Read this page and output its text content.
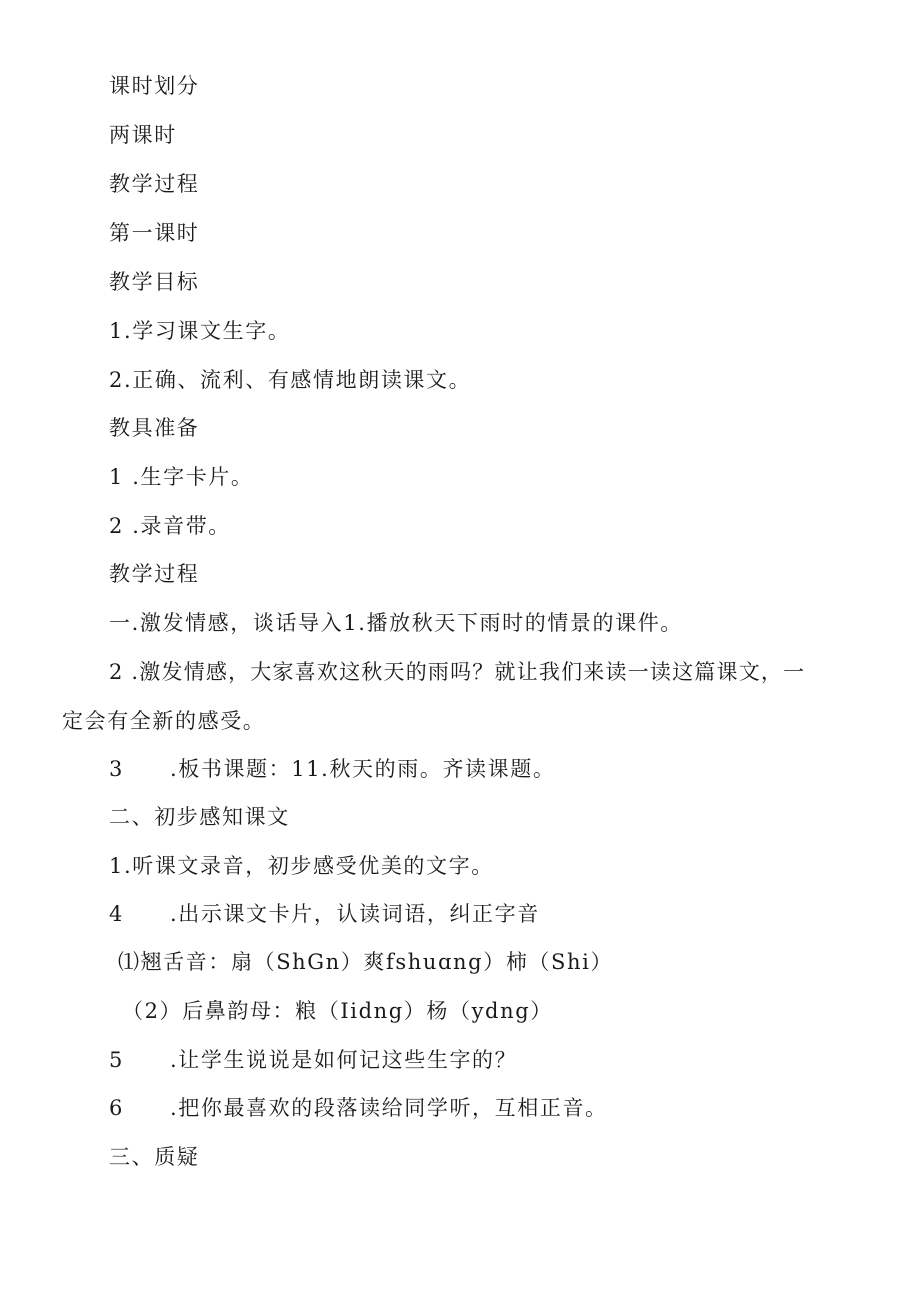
课时划分
两课时
教学过程
第一课时
教学目标
1.学习课文生字。
2.正确、流利、有感情地朗读课文。
教具准备
1 .生字卡片。
2 .录音带。
教学过程
一.激发情感，谈话导入1.播放秋天下雨时的情景的课件。
2 .激发情感，大家喜欢这秋天的雨吗？就让我们来读一读这篇课文，一
定会有全新的感受。
3 .板书课题：11.秋天的雨。齐读课题。
二、初步感知课文
1.听课文录音，初步感受优美的文字。
4 .出示课文卡片，认读词语，纠正字音
⑴翘舌音：扇（ShGn）爽fshuɑng）柿（Shi）
（2）后鼻韵母：粮（Iidng）杨（ydng）
5 .让学生说说是如何记这些生字的？
6 .把你最喜欢的段落读给同学听，互相正音。
三、质疑
